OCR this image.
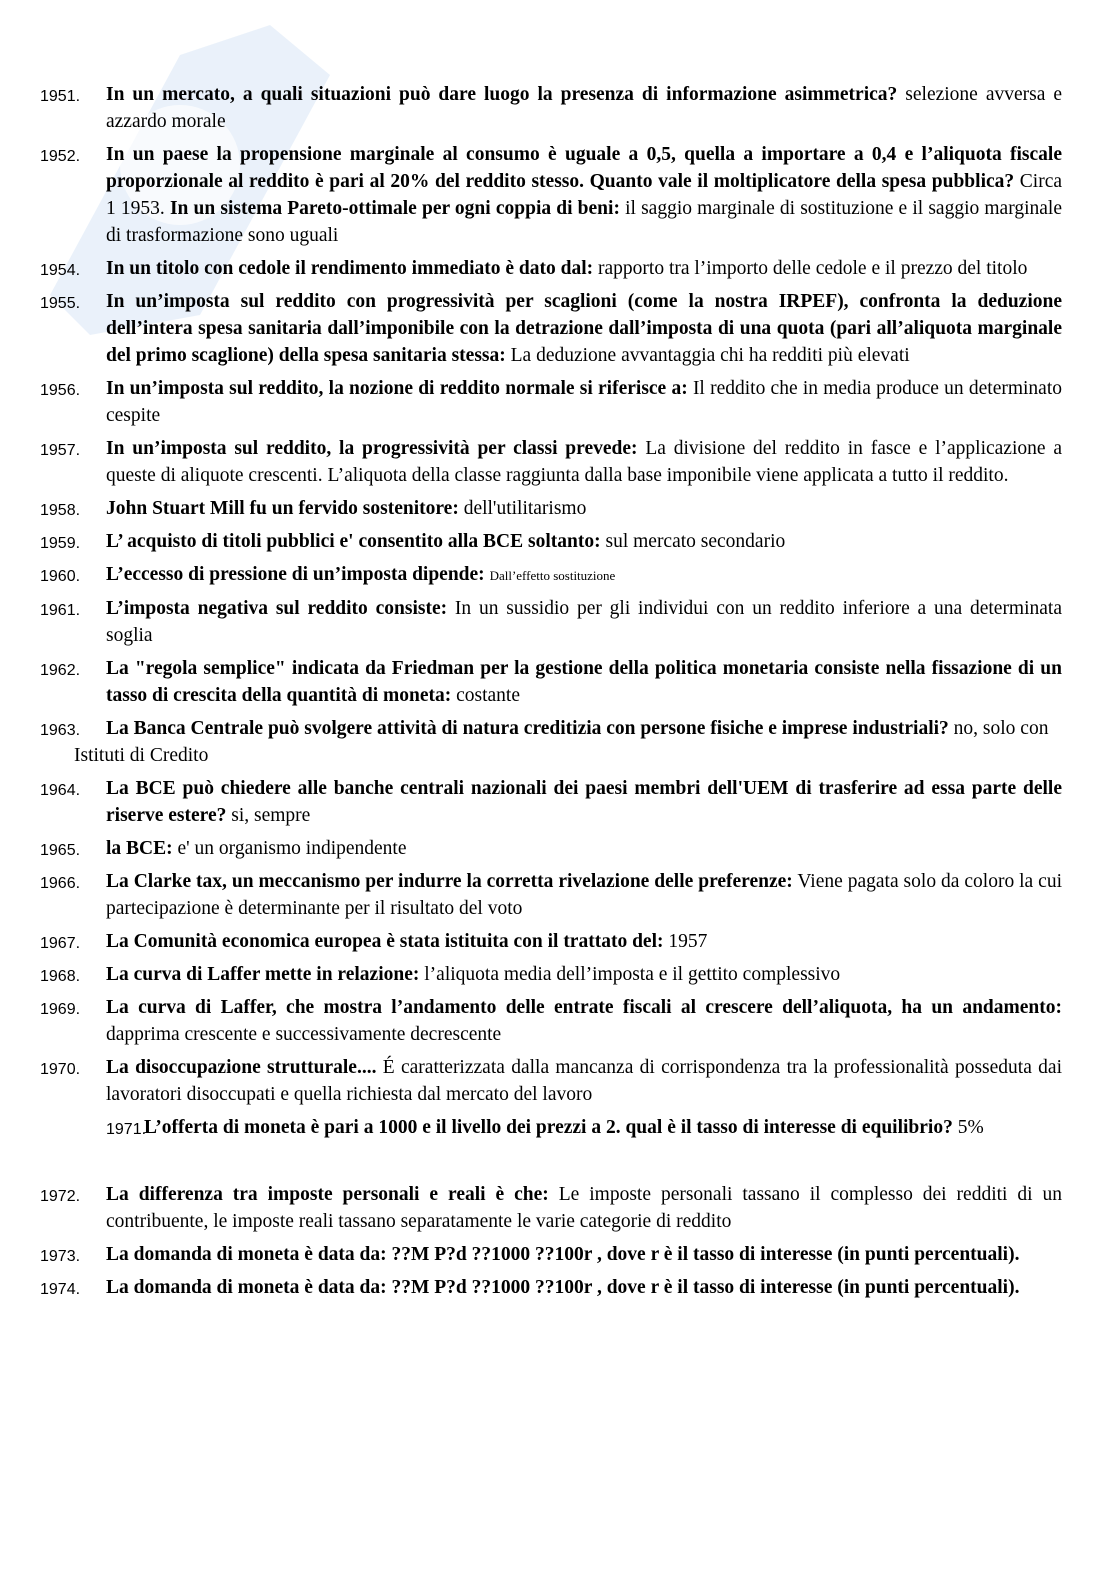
1951. In un mercato, a quali situazioni può dare luogo la presenza di informazione asimmetrica? selezione avversa e azzardo morale
1952. In un paese la propensione marginale al consumo è uguale a 0,5, quella a importare a 0,4 e l’aliquota fiscale proporzionale al reddito è pari al 20% del reddito stesso. Quanto vale il moltiplicatore della spesa pubblica? Circa 1 1953. In un sistema Pareto-ottimale per ogni coppia di beni: il saggio marginale di sostituzione e il saggio marginale di trasformazione sono uguali
1954. In un titolo con cedole il rendimento immediato è dato dal: rapporto tra l’importo delle cedole e il prezzo del titolo
1955. In un’imposta sul reddito con progressività per scaglioni (come la nostra IRPEF), confronta la deduzione dell’intera spesa sanitaria dall’imponibile con la detrazione dall’imposta di una quota (pari all’aliquota marginale del primo scaglione) della spesa sanitaria stessa: La deduzione avvantaggia chi ha redditi più elevati
1956. In un’imposta sul reddito, la nozione di reddito normale si riferisce a: Il reddito che in media produce un determinato cespite
1957. In un’imposta sul reddito, la progressività per classi prevede: La divisione del reddito in fasce e l’applicazione a queste di aliquote crescenti. L’aliquota della classe raggiunta dalla base imponibile viene applicata a tutto il reddito.
1958. John Stuart Mill fu un fervido sostenitore: dell'utilitarismo
1959. L’ acquisto di titoli pubblici e' consentito alla BCE soltanto: sul mercato secondario
1960. L’eccesso di pressione di un’imposta dipende: Dall’effetto sostituzione
1961. L’imposta negativa sul reddito consiste: In un sussidio per gli individui con un reddito inferiore a una determinata soglia
1962. La "regola semplice" indicata da Friedman per la gestione della politica monetaria consiste nella fissazione di un tasso di crescita della quantità di moneta: costante
1963. La Banca Centrale può svolgere attività di natura creditizia con persone fisiche e imprese industriali? no, solo con
Istituti di Credito
1964. La BCE può chiedere alle banche centrali nazionali dei paesi membri dell'UEM di trasferire ad essa parte delle riserve estere? si, sempre
1965. la BCE: e' un organismo indipendente
1966. La Clarke tax, un meccanismo per indurre la corretta rivelazione delle preferenze: Viene pagata solo da coloro la cui partecipazione è determinante per il risultato del voto
1967. La Comunità economica europea è stata istituita con il trattato del: 1957
1968. La curva di Laffer mette in relazione: l’aliquota media dell’imposta e il gettito complessivo
1969. La curva di Laffer, che mostra l’andamento delle entrate fiscali al crescere dell’aliquota, ha un andamento: dapprima crescente e successivamente decrescente
1970. La disoccupazione strutturale.... É caratterizzata dalla mancanza di corrispondenza tra la professionalità posseduta dai lavoratori disoccupati e quella richiesta dal mercato del lavoro
1971.
L’offerta di moneta è pari a 1000 e il livello dei prezzi a 2. qual è il tasso di interesse di equilibrio? 5%
1972. La differenza tra imposte personali e reali è che: Le imposte personali tassano il complesso dei redditi di un contribuente, le imposte reali tassano separatamente le varie categorie di reddito
1973. La domanda di moneta è data da: ??M P?d ??1000 ??100r , dove r è il tasso di interesse (in punti percentuali).
1974. La domanda di moneta è data da: ??M P?d ??1000 ??100r , dove r è il tasso di interesse (in punti percentuali).
